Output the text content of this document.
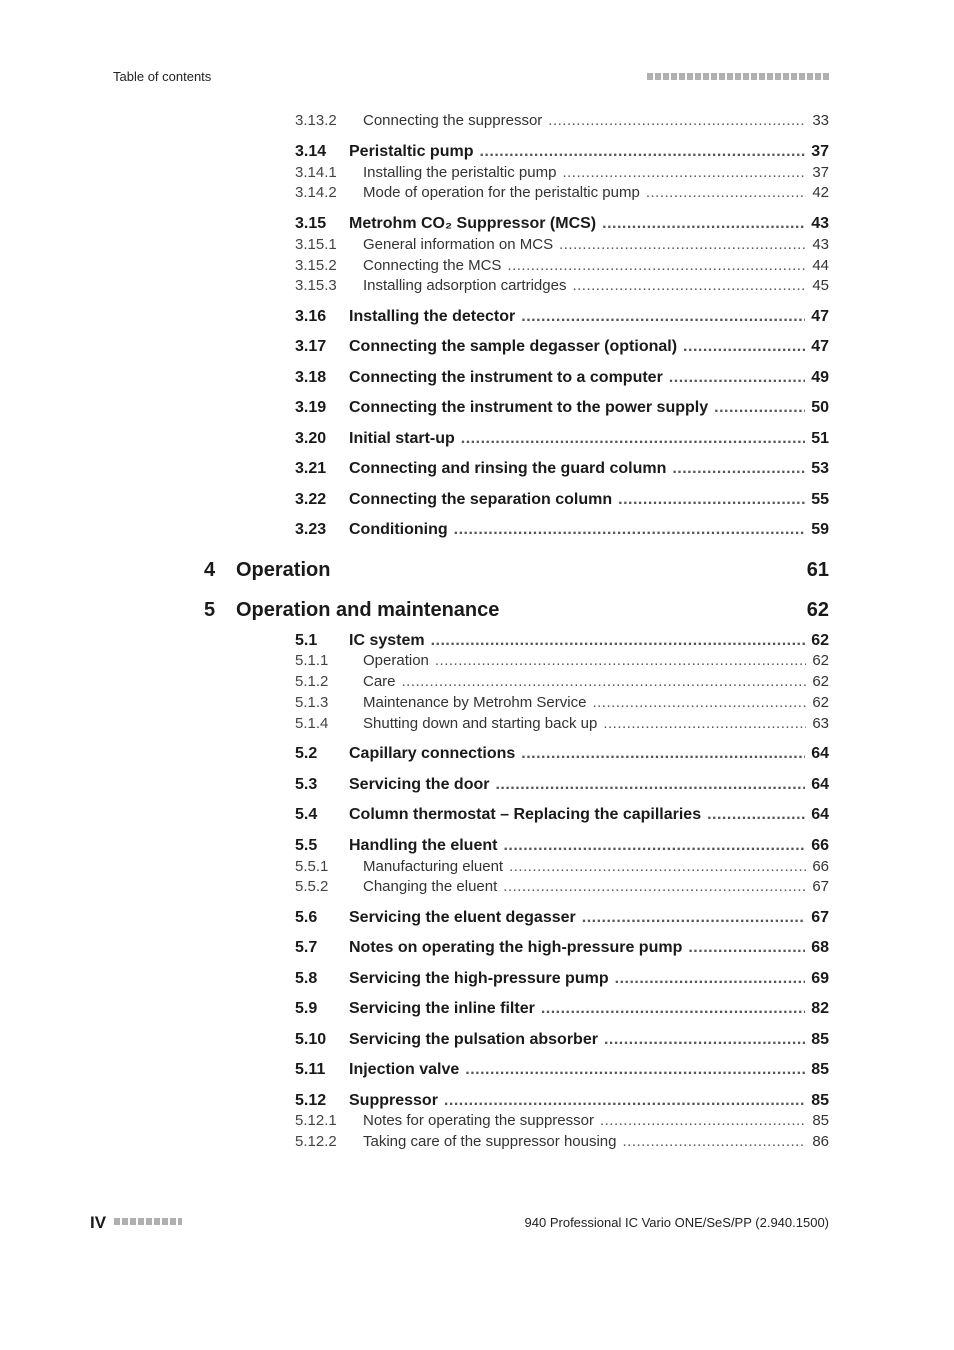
Table of contents
3.13.2	Connecting the suppressor .....	33
3.14	Peristaltic pump .....	37
3.14.1	Installing the peristaltic pump .....	37
3.14.2	Mode of operation for the peristaltic pump .....	42
3.15	Metrohm CO₂ Suppressor (MCS) .....	43
3.15.1	General information on MCS .....	43
3.15.2	Connecting the MCS .....	44
3.15.3	Installing adsorption cartridges .....	45
3.16	Installing the detector .....	47
3.17	Connecting the sample degasser (optional) .....	47
3.18	Connecting the instrument to a computer .....	49
3.19	Connecting the instrument to the power supply .....	50
3.20	Initial start-up .....	51
3.21	Connecting and rinsing the guard column .....	53
3.22	Connecting the separation column .....	55
3.23	Conditioning .....	59
4	Operation	61
5	Operation and maintenance	62
5.1	IC system .....	62
5.1.1	Operation .....	62
5.1.2	Care .....	62
5.1.3	Maintenance by Metrohm Service .....	62
5.1.4	Shutting down and starting back up .....	63
5.2	Capillary connections .....	64
5.3	Servicing the door .....	64
5.4	Column thermostat – Replacing the capillaries .....	64
5.5	Handling the eluent .....	66
5.5.1	Manufacturing eluent .....	66
5.5.2	Changing the eluent .....	67
5.6	Servicing the eluent degasser .....	67
5.7	Notes on operating the high-pressure pump .....	68
5.8	Servicing the high-pressure pump .....	69
5.9	Servicing the inline filter .....	82
5.10	Servicing the pulsation absorber .....	85
5.11	Injection valve .....	85
5.12	Suppressor .....	85
5.12.1	Notes for operating the suppressor .....	85
5.12.2	Taking care of the suppressor housing .....	86
IV	940 Professional IC Vario ONE/SeS/PP (2.940.1500)
